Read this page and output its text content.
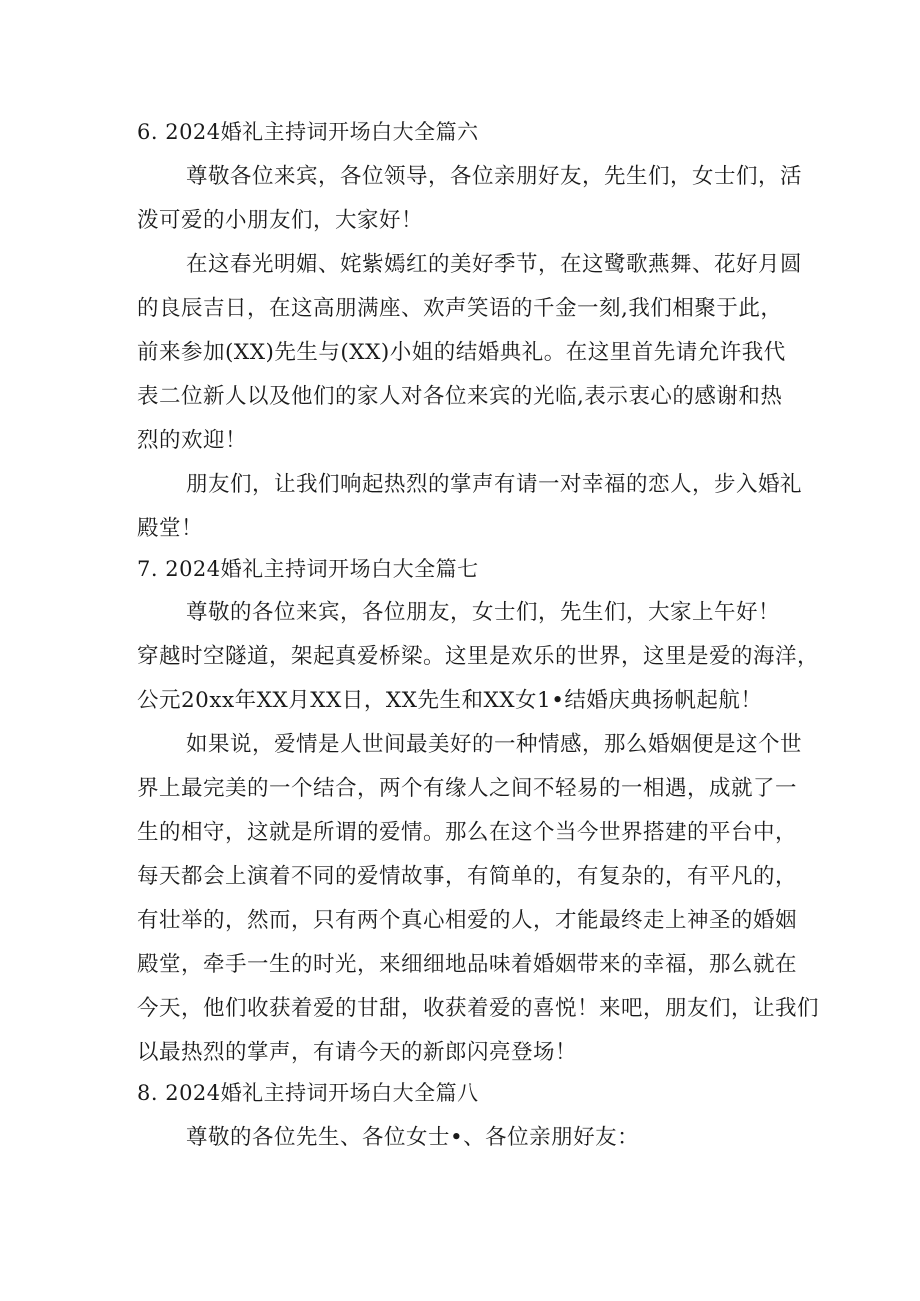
6. 2024婚礼主持词开场白大全篇六
尊敬各位来宾，各位领导，各位亲朋好友，先生们，女士们，活
泼可爱的小朋友们，大家好！
在这春光明媚、姹紫嫣红的美好季节，在这鹭歌燕舞、花好月圆
的良辰吉日，在这高朋满座、欢声笑语的千金一刻,我们相聚于此，
前来参加(XX)先生与(XX)小姐的结婚典礼。在这里首先请允许我代
表二位新人以及他们的家人对各位来宾的光临,表示衷心的感谢和热
烈的欢迎！
朋友们，让我们响起热烈的掌声有请一对幸福的恋人，步入婚礼
殿堂！
7. 2024婚礼主持词开场白大全篇七
尊敬的各位来宾，各位朋友，女士们，先生们，大家上午好！
穿越时空隧道，架起真爱桥梁。这里是欢乐的世界，这里是爱的海洋，
公元20xx年XX月XX日，XX先生和XX女1•结婚庆典扬帆起航！
如果说，爱情是人世间最美好的一种情感，那么婚姻便是这个世
界上最完美的一个结合，两个有缘人之间不轻易的一相遇，成就了一
生的相守，这就是所谓的爱情。那么在这个当今世界搭建的平台中，
每天都会上演着不同的爱情故事，有简单的，有复杂的，有平凡的，
有壮举的，然而，只有两个真心相爱的人，才能最终走上神圣的婚姻
殿堂，牵手一生的时光，来细细地品味着婚姻带来的幸福，那么就在
今天，他们收获着爱的甘甜，收获着爱的喜悦！来吧，朋友们，让我们
以最热烈的掌声，有请今天的新郎闪亮登场！
8. 2024婚礼主持词开场白大全篇八
尊敬的各位先生、各位女士•、各位亲朋好友：
